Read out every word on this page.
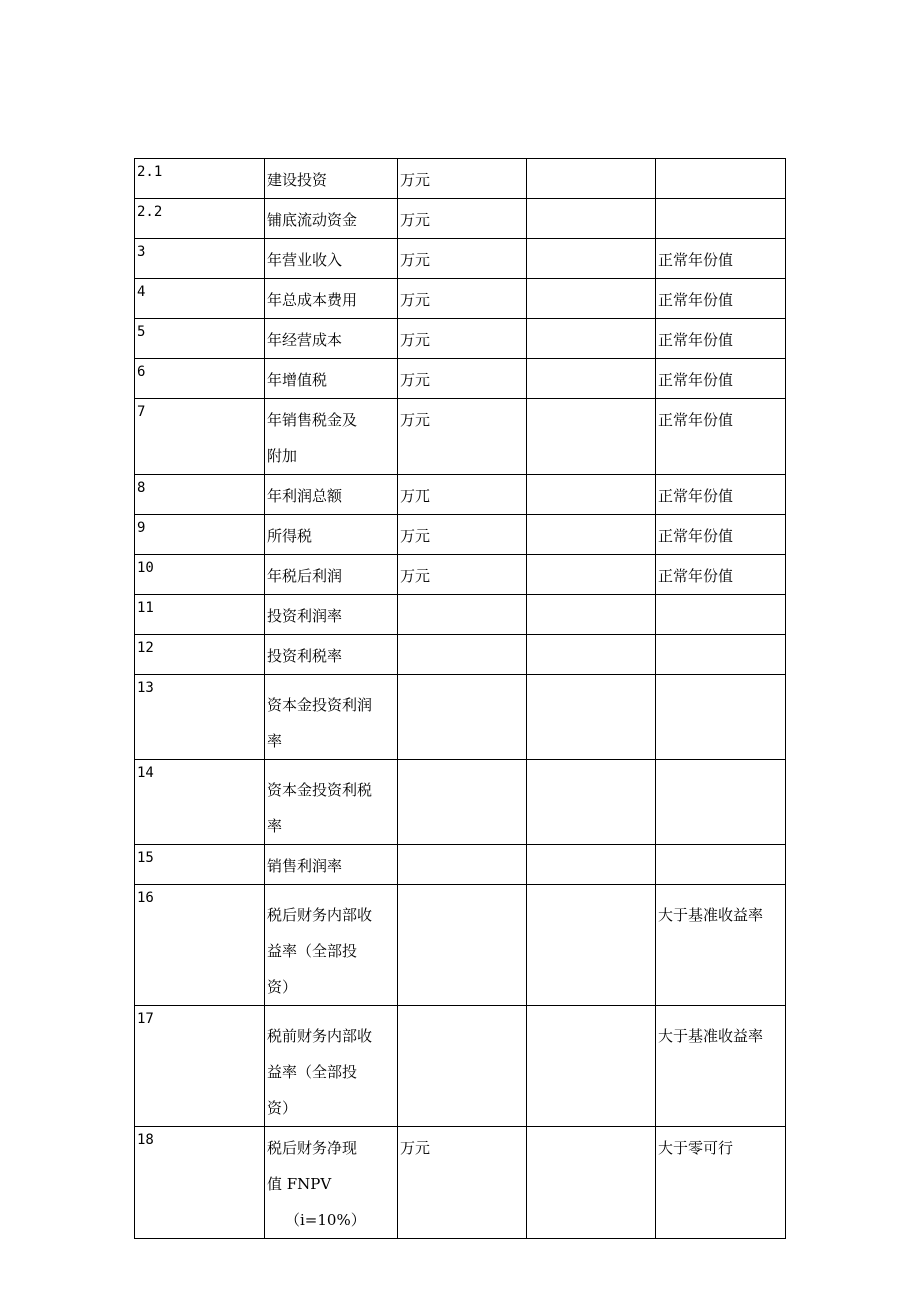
2.1	建设投资	万元		
2.2	铺底流动资金	万元		
3	年营业收入	万元		正常年份值
4	年总成本费用	万元		正常年份值
5	年经营成本	万元		正常年份值
6	年增值税	万元		正常年份值
7	年销售税金及
附加	万元		正常年份值
8	年利润总额	万兀		正常年份值
9	所得税	万元		正常年份值
10	年税后利润	万元		正常年份值
11	投资利润率			
12	投资利税率			
13	资本金投资利润
率			
14	资本金投资利税
率			
15	销售利润率			
16	税后财务内部收
益率（全部投
资）			大于基准收益率
17	税前财务内部收
益率（全部投
资）			大于基准收益率
18	税后财务净现
值 FNPV
（i=10%）	万元		大于零可行
